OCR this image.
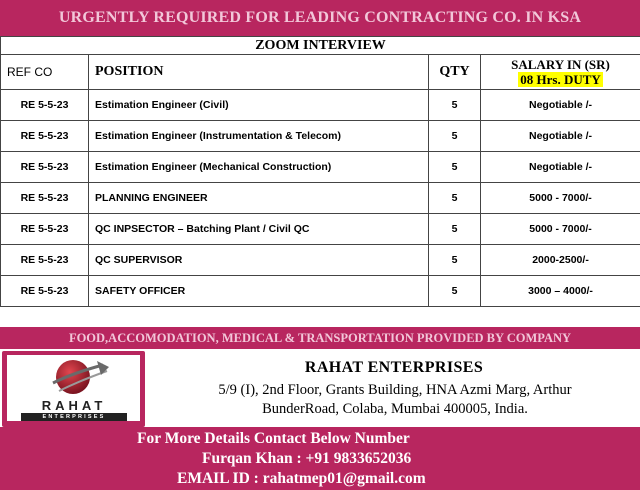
URGENTLY REQUIRED FOR LEADING CONTRACTING CO. IN KSA
ZOOM INTERVIEW			
REF CO	POSITION	QTY	SALARY IN (SR)
08 Hrs. DUTY
RE 5-5-23	Estimation Engineer (Civil)	5	Negotiable /-
RE 5-5-23	Estimation Engineer (Instrumentation & Telecom)	5	Negotiable /-
RE 5-5-23	Estimation Engineer (Mechanical Construction)	5	Negotiable /-
RE 5-5-23	PLANNING ENGINEER	5	5000 - 7000/-
RE 5-5-23	QC INPSECTOR – Batching Plant / Civil QC	5	5000 - 7000/-
RE 5-5-23	QC SUPERVISOR	5	2000-2500/-
RE 5-5-23	SAFETY OFFICER	5	3000 – 4000/-
FOOD,ACCOMODATION, MEDICAL & TRANSPORTATION PROVIDED BY COMPANY
RAHAT
ENTERPRISES
RAHAT ENTERPRISES
5/9 (I), 2nd Floor, Grants Building, HNA Azmi Marg, Arthur
BunderRoad, Colaba, Mumbai 400005, India.
For More Details Contact Below Number
Furqan Khan : +91 9833652036
EMAIL ID : rahatmep01@gmail.com
